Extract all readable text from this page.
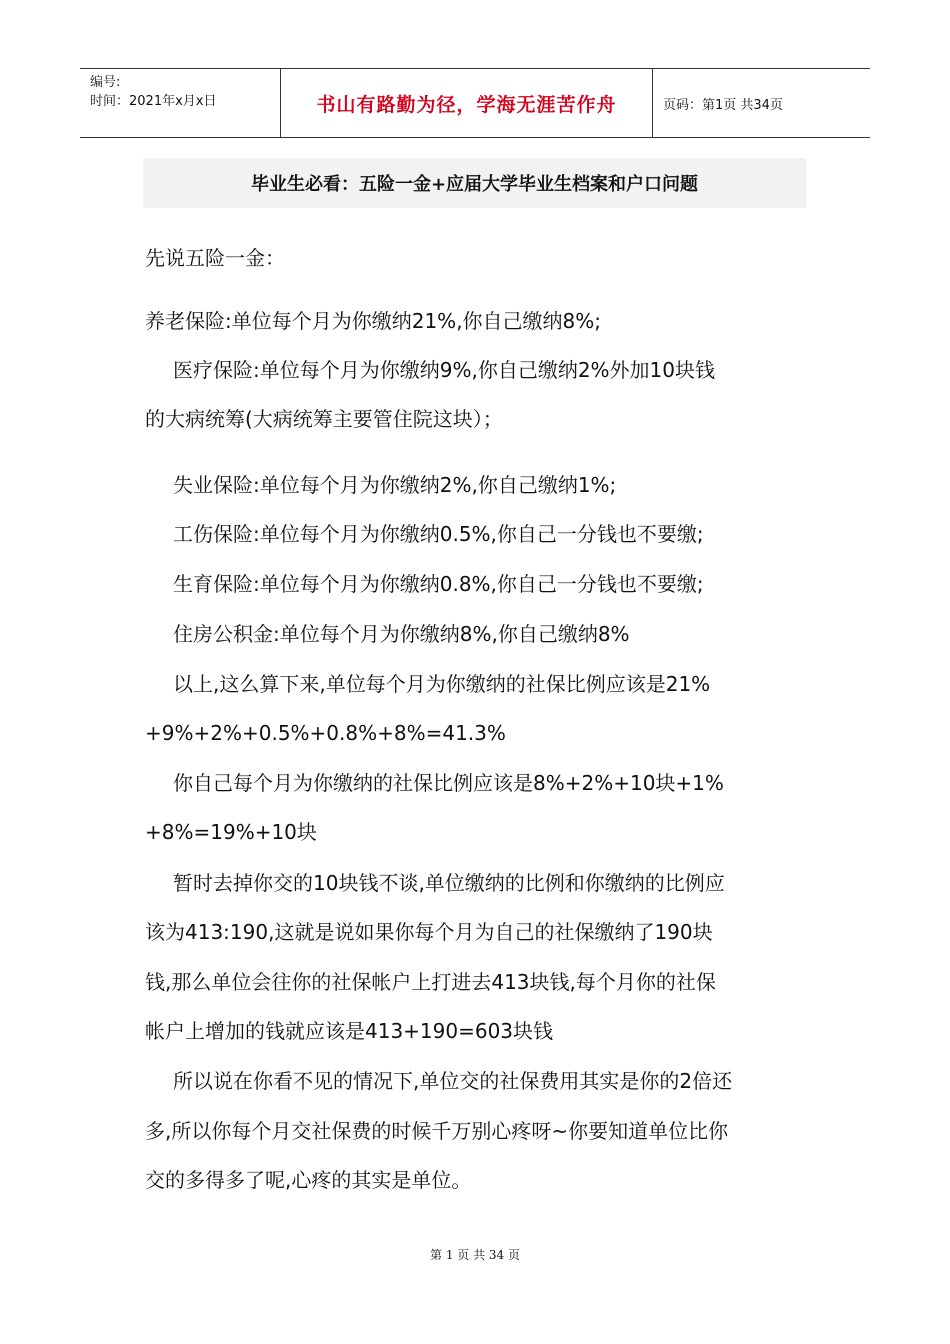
编号:
时间：2021年x月x日	书山有路勤为径，学海无涯苦作舟	页码：第1页 共34页
毕业生必看：五险一金+应届大学毕业生档案和户口问题
先说五险一金：
养老保险:单位每个月为你缴纳21%,你自己缴纳8%;
医疗保险:单位每个月为你缴纳9%,你自己缴纳2%外加10块钱
的大病统筹(大病统筹主要管住院这块）；
失业保险:单位每个月为你缴纳2%,你自己缴纳1%;
工伤保险:单位每个月为你缴纳0.5%,你自己一分钱也不要缴;
生育保险:单位每个月为你缴纳0.8%,你自己一分钱也不要缴;
住房公积金:单位每个月为你缴纳8%,你自己缴纳8%
以上,这么算下来,单位每个月为你缴纳的社保比例应该是21%
+9%+2%+0.5%+0.8%+8%=41.3%
你自己每个月为你缴纳的社保比例应该是8%+2%+10块+1%
+8%=19%+10块
暂时去掉你交的10块钱不谈,单位缴纳的比例和你缴纳的比例应
该为413:190,这就是说如果你每个月为自己的社保缴纳了190块
钱,那么单位会往你的社保帐户上打进去413块钱,每个月你的社保
帐户上增加的钱就应该是413+190=603块钱
所以说在你看不见的情况下,单位交的社保费用其实是你的2倍还
多,所以你每个月交社保费的时候千万别心疼呀~你要知道单位比你
交的多得多了呢,心疼的其实是单位。
第 1 页 共 34 页
